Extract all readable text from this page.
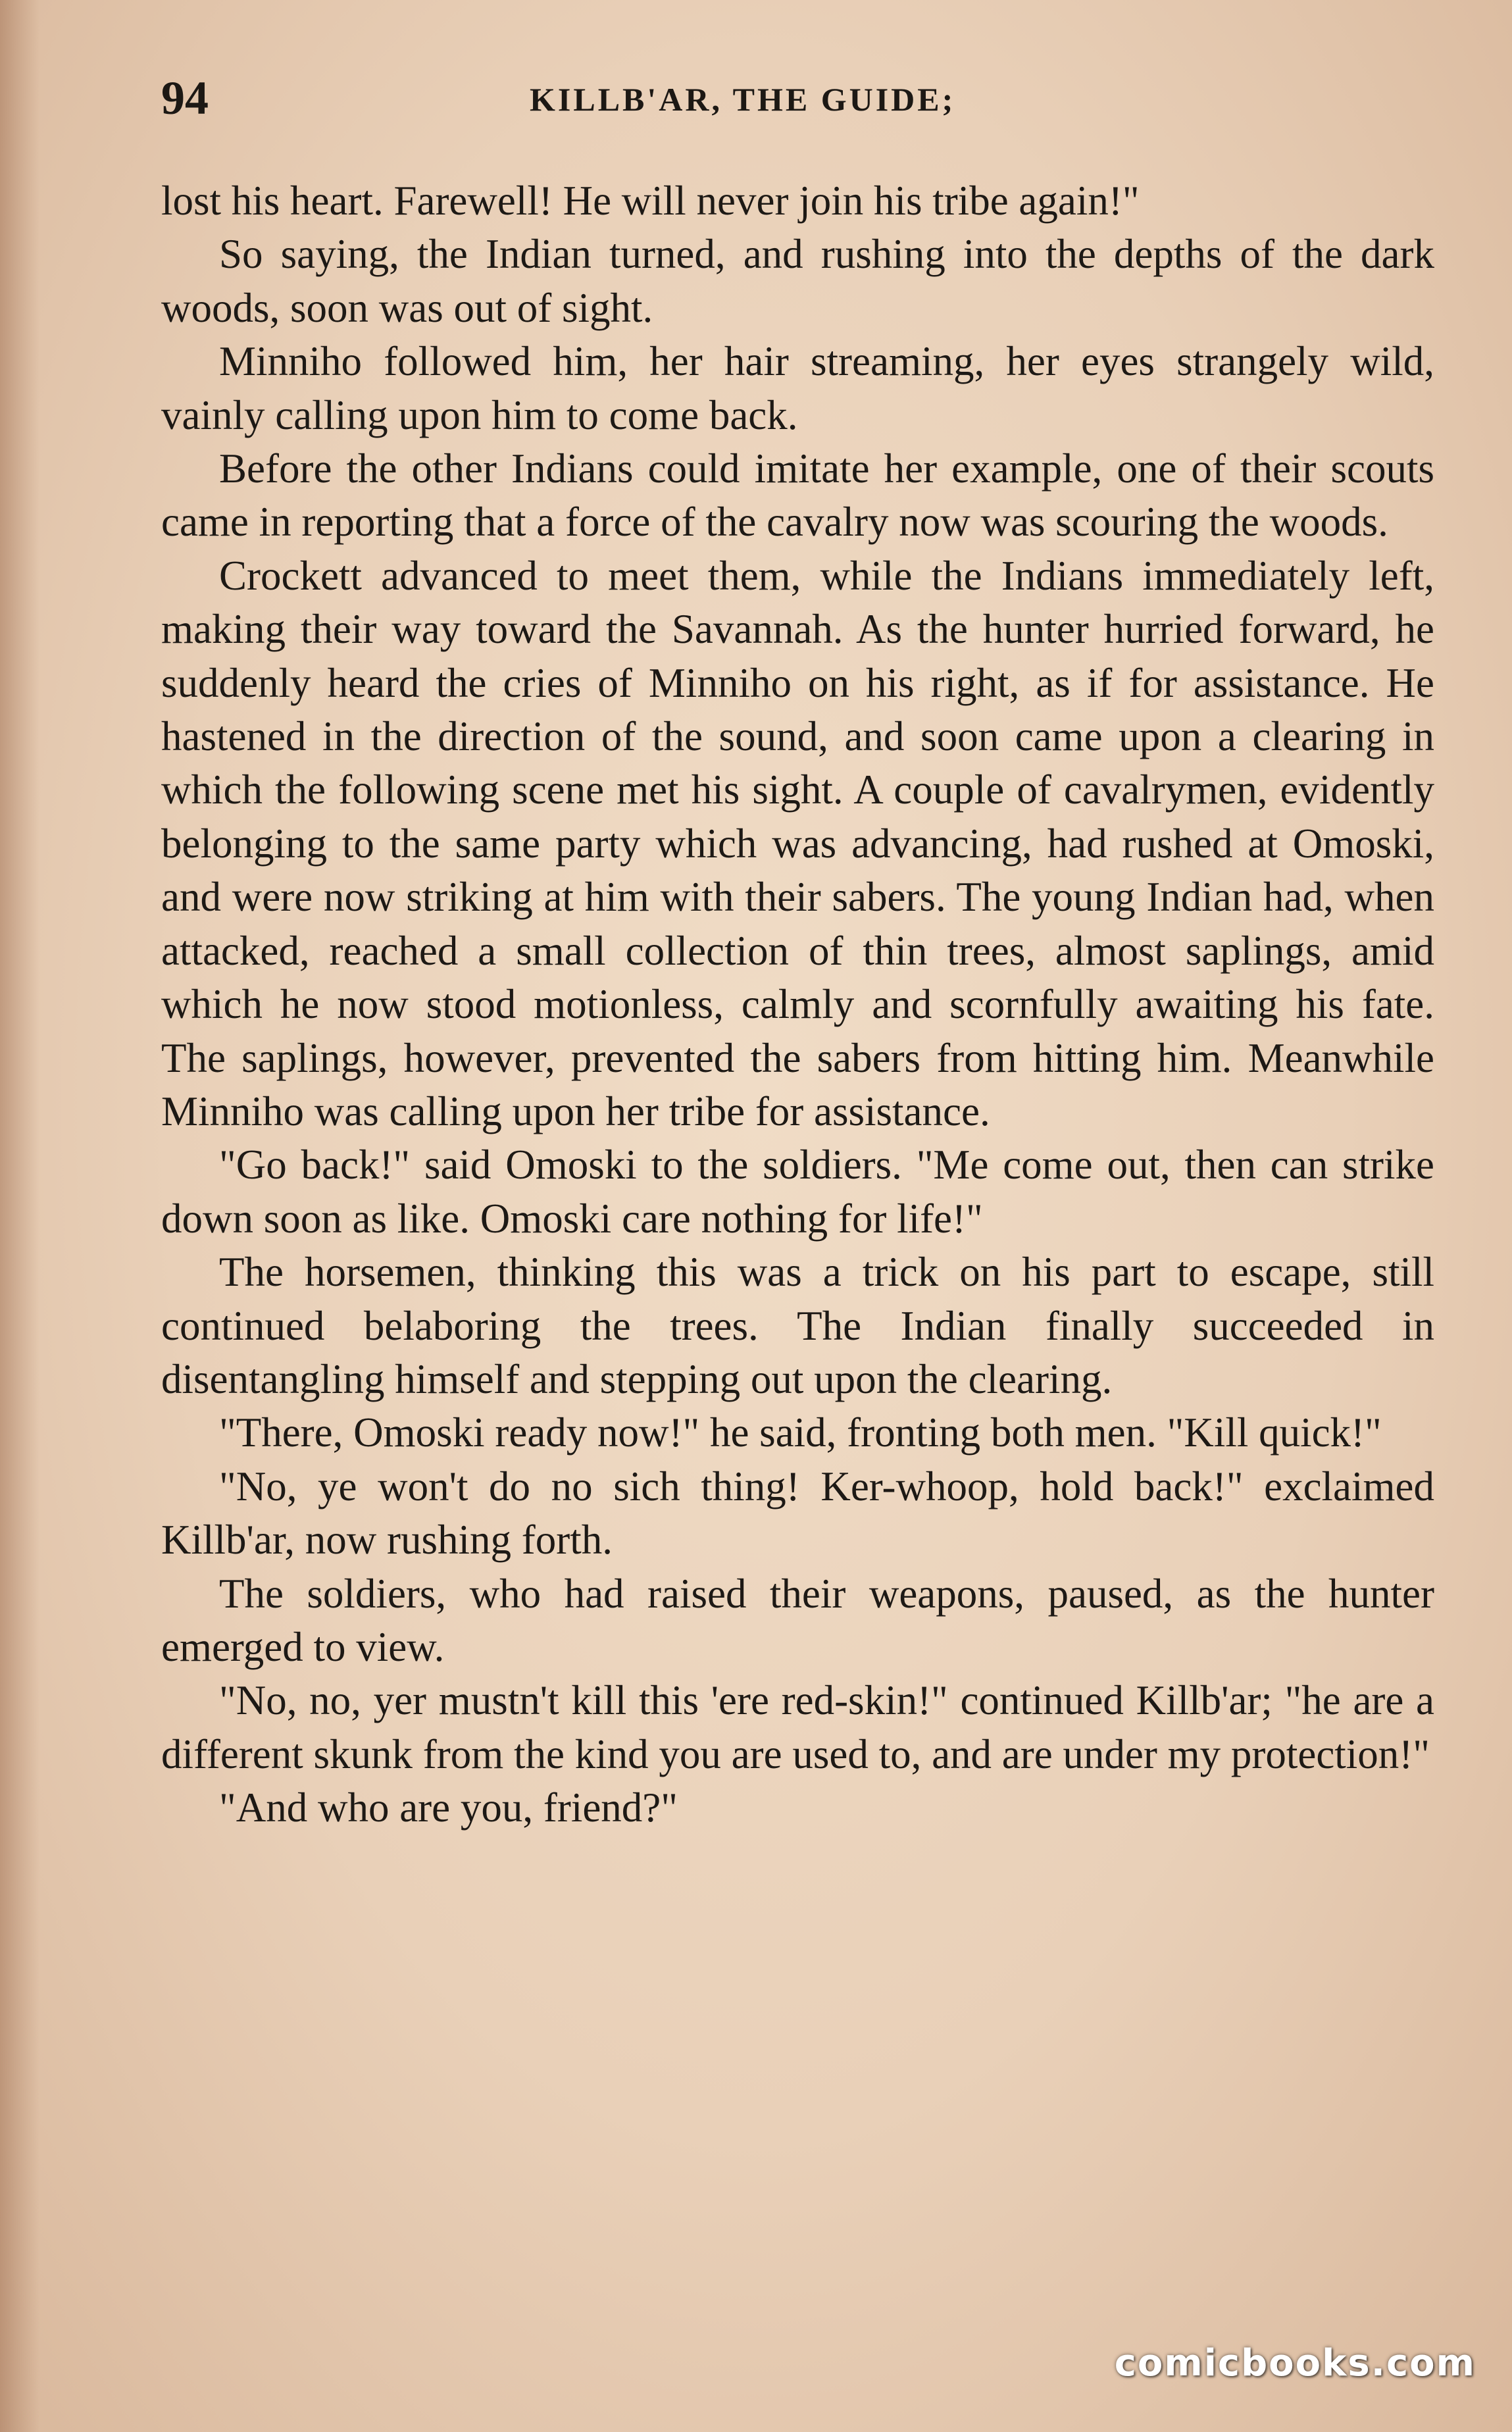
94	KILLB'AR, THE GUIDE;

lost his heart. Farewell! He will never join his tribe again!"

So saying, the Indian turned, and rushing into the depths of the dark woods, soon was out of sight.

Minniho followed him, her hair streaming, her eyes strangely wild, vainly calling upon him to come back.

Before the other Indians could imitate her example, one of their scouts came in reporting that a force of the cavalry now was scouring the woods.

Crockett advanced to meet them, while the Indians immediately left, making their way toward the Savannah. As the hunter hurried forward, he suddenly heard the cries of Minniho on his right, as if for assistance. He hastened in the direction of the sound, and soon came upon a clearing in which the following scene met his sight. A couple of cavalrymen, evidently belonging to the same party which was advancing, had rushed at Omoski, and were now striking at him with their sabers. The young Indian had, when attacked, reached a small collection of thin trees, almost saplings, amid which he now stood motionless, calmly and scornfully awaiting his fate. The saplings, however, prevented the sabers from hitting him. Meanwhile Minniho was calling upon her tribe for assistance.

"Go back!" said Omoski to the soldiers. "Me come out, then can strike down soon as like. Omoski care nothing for life!"

The horsemen, thinking this was a trick on his part to escape, still continued belaboring the trees. The Indian finally succeeded in disentangling himself and stepping out upon the clearing.

"There, Omoski ready now!" he said, fronting both men. "Kill quick!"

"No, ye won't do no sich thing! Ker-whoop, hold back!" exclaimed Killb'ar, now rushing forth.

The soldiers, who had raised their weapons, paused, as the hunter emerged to view.

"No, no, yer mustn't kill this 'ere red-skin!" continued Killb'ar; "he are a different skunk from the kind you are used to, and are under my protection!"

"And who are you, friend?"

comicbooks.com
